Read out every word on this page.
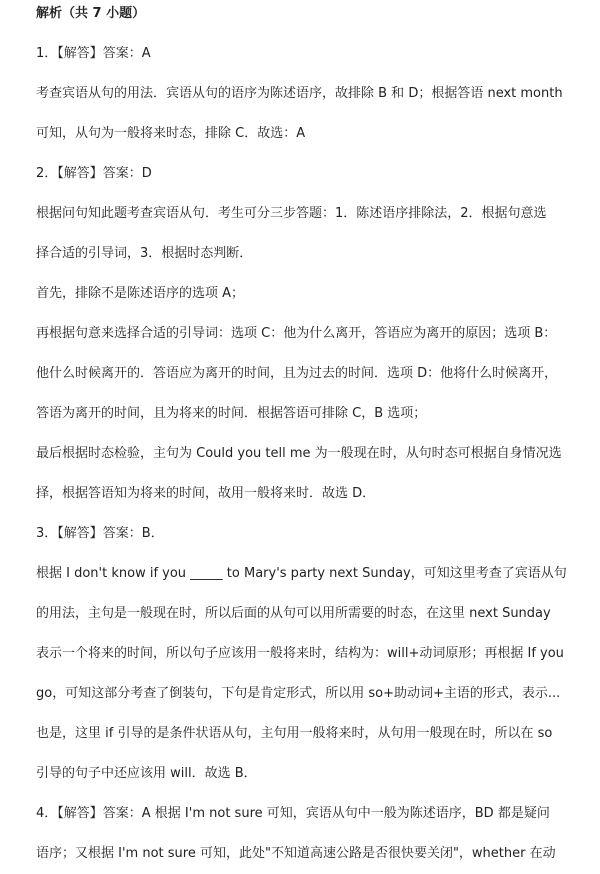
解析（共 7 小题）
1．【解答】答案：A
考查宾语从句的用法．宾语从句的语序为陈述语序，故排除 B 和 D；根据答语 next month
可知，从句为一般将来时态，排除 C．故选：A
2．【解答】答案：D
根据问句知此题考查宾语从句．考生可分三步答题：1．陈述语序排除法，2．根据句意选
择合适的引导词，3．根据时态判断．
首先，排除不是陈述语序的选项 A；
再根据句意来选择合适的引导词：选项 C：他为什么离开，答语应为离开的原因；选项 B：
他什么时候离开的．答语应为离开的时间，且为过去的时间．选项 D：他将什么时候离开，
答语为离开的时间，且为将来的时间．根据答语可排除 C，B 选项；
最后根据时态检验，主句为 Could you tell me 为一般现在时，从句时态可根据自身情况选
择，根据答语知为将来的时间，故用一般将来时．故选 D．
3．【解答】答案：B．
根据 I don't know if you _____ to Mary's party next Sunday，可知这里考查了宾语从句
的用法，主句是一般现在时，所以后面的从句可以用所需要的时态，在这里 next Sunday
表示一个将来的时间，所以句子应该用一般将来时，结构为：will+动词原形；再根据 If you
go，可知这部分考查了倒装句，下句是肯定形式，所以用 so+助动词+主语的形式，表示...
也是，这里 if 引导的是条件状语从句，主句用一般将来时，从句用一般现在时，所以在 so
引导的句子中还应该用 will．故选 B．
4．【解答】答案：A 根据 I'm not sure 可知，宾语从句中一般为陈述语序，BD 都是疑问
语序；又根据 I'm not sure 可知，此处"不知道高速公路是否很快要关闭"，whether 在动
